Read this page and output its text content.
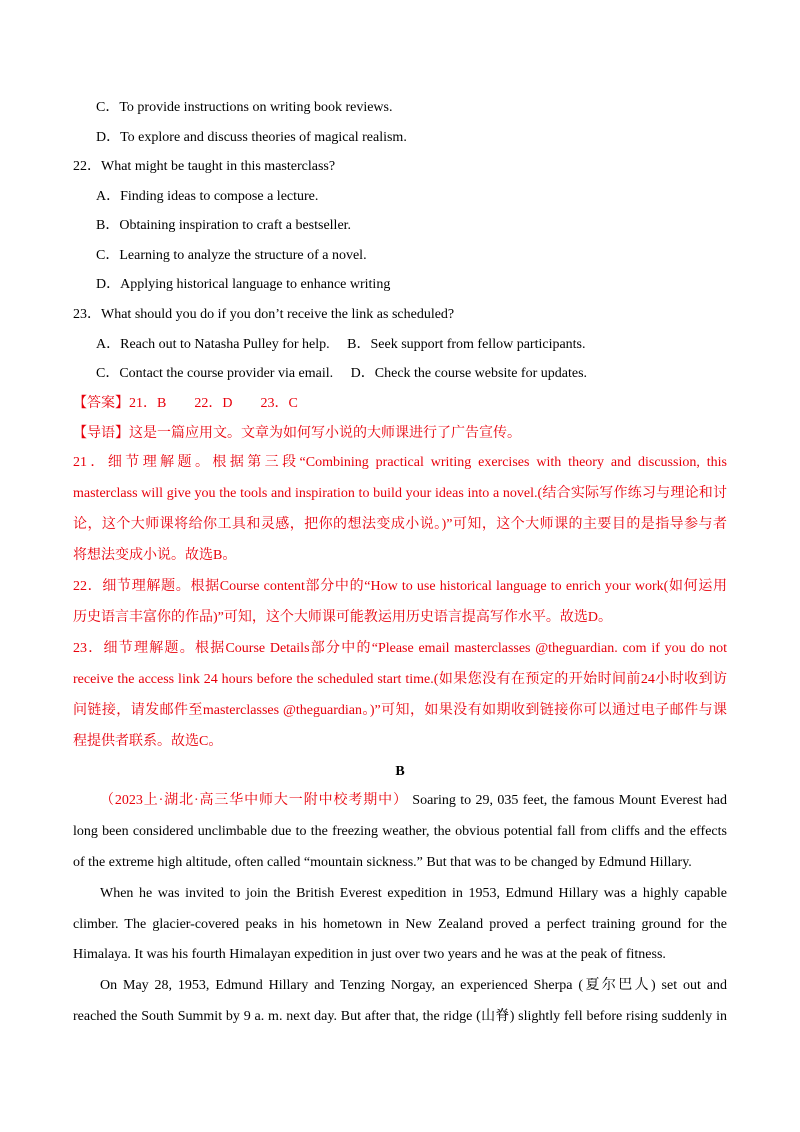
C．To provide instructions on writing book reviews.
D．To explore and discuss theories of magical realism.
22．What might be taught in this masterclass?
A．Finding ideas to compose a lecture.
B．Obtaining inspiration to craft a bestseller.
C．Learning to analyze the structure of a novel.
D．Applying historical language to enhance writing
23．What should you do if you don’t receive the link as scheduled?
A．Reach out to Natasha Pulley for help.　 B．Seek support from fellow participants.
C．Contact the course provider via email.　 D．Check the course website for updates.
【答案】21．B　　22．D　　23．C
【导语】这是一篇应用文。文章为如何写小说的大师课进行了广告宣传。
21．细节理解题。根据第三段“Combining practical writing exercises with theory and discussion, this
masterclass will give you the tools and inspiration to build your ideas into a novel.(结合实际写作练习与理论和讨
论，这个大师课将给你工具和灵感，把你的想法变成小说。)”可知，这个大师课的主要目的是指导参与者
将想法变成小说。故选B。
22．细节理解题。根据Course content部分中的“How to use historical language to enrich your work(如何运用
历史语言丰富你的作品)”可知，这个大师课可能教运用历史语言提高写作水平。故选D。
23．细节理解题。根据Course Details部分中的“Please email masterclasses @theguardian. com if you do not
receive the access link 24 hours before the scheduled start time.(如果您没有在预定的开始时间前24小时收到访
问链接，请发邮件至masterclasses @theguardian。)”可知，如果没有如期收到链接你可以通过电子邮件与课
程提供者联系。故选C。
B
（2023上·湖北·高三华中师大一附中校考期中） Soaring to 29, 035 feet, the famous Mount Everest had
long been considered unclimbable due to the freezing weather, the obvious potential fall from cliffs and the effects
of the extreme high altitude, often called “mountain sickness.” But that was to be changed by Edmund Hillary.
When he was invited to join the British Everest expedition in 1953, Edmund Hillary was a highly capable
climber. The glacier-covered peaks in his hometown in New Zealand proved a perfect training ground for the
Himalaya. It was his fourth Himalayan expedition in just over two years and he was at the peak of fitness.
On May 28, 1953, Edmund Hillary and Tenzing Norgay, an experienced Sherpa (夏尔巴人) set out and
reached the South Summit by 9 a. m. next day. But after that, the ridge (山脊) slightly fell before rising suddenly in
